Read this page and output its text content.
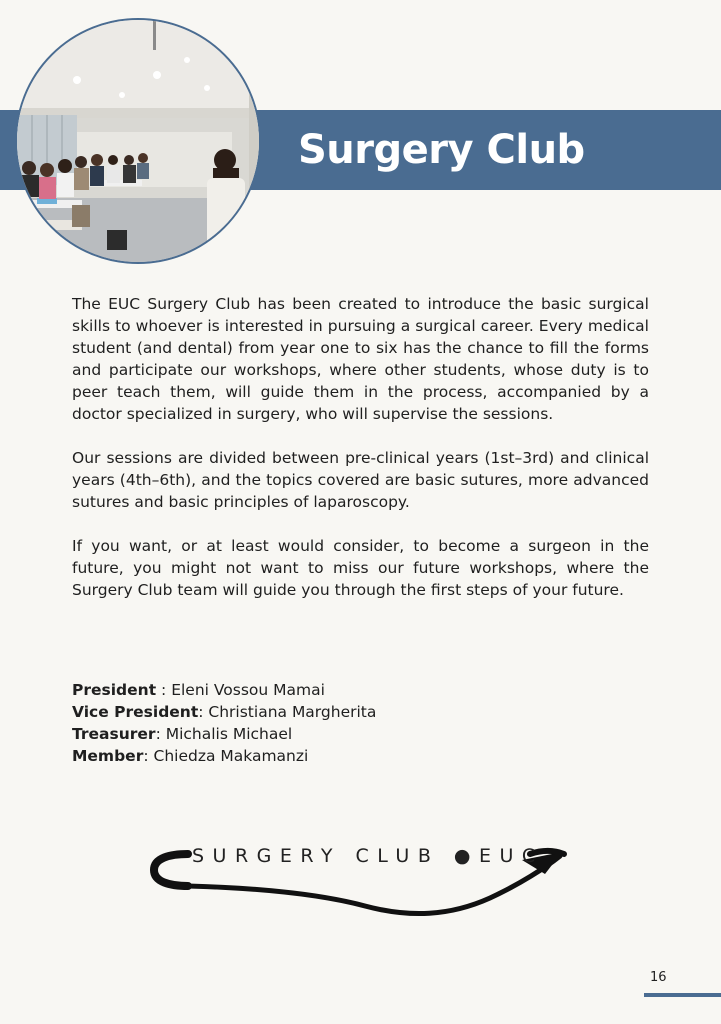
Surgery Club

The EUC Surgery Club has been created to introduce the basic surgical skills to whoever is interested in pursuing a surgical career. Every medical student (and dental) from year one to six has the chance to fill the forms and participate our workshops, where other students, whose duty is to peer teach them, will guide them in the process, accompanied by a doctor specialized in surgery, who will supervise the sessions.

Our sessions are divided between pre-clinical years (1st–3rd) and clinical years (4th–6th), and the topics covered are basic sutures, more advanced sutures and basic principles of laparoscopy.

If you want, or at least would consider, to become a surgeon in the future, you might not want to miss our future workshops, where the Surgery Club team will guide you through the first steps of your future.

President : Eleni Vossou Mamai
Vice President: Christiana Margherita
Treasurer: Michalis Michael
Member: Chiedza Makamanzi
SURGERY CLUB ●EUC
16
